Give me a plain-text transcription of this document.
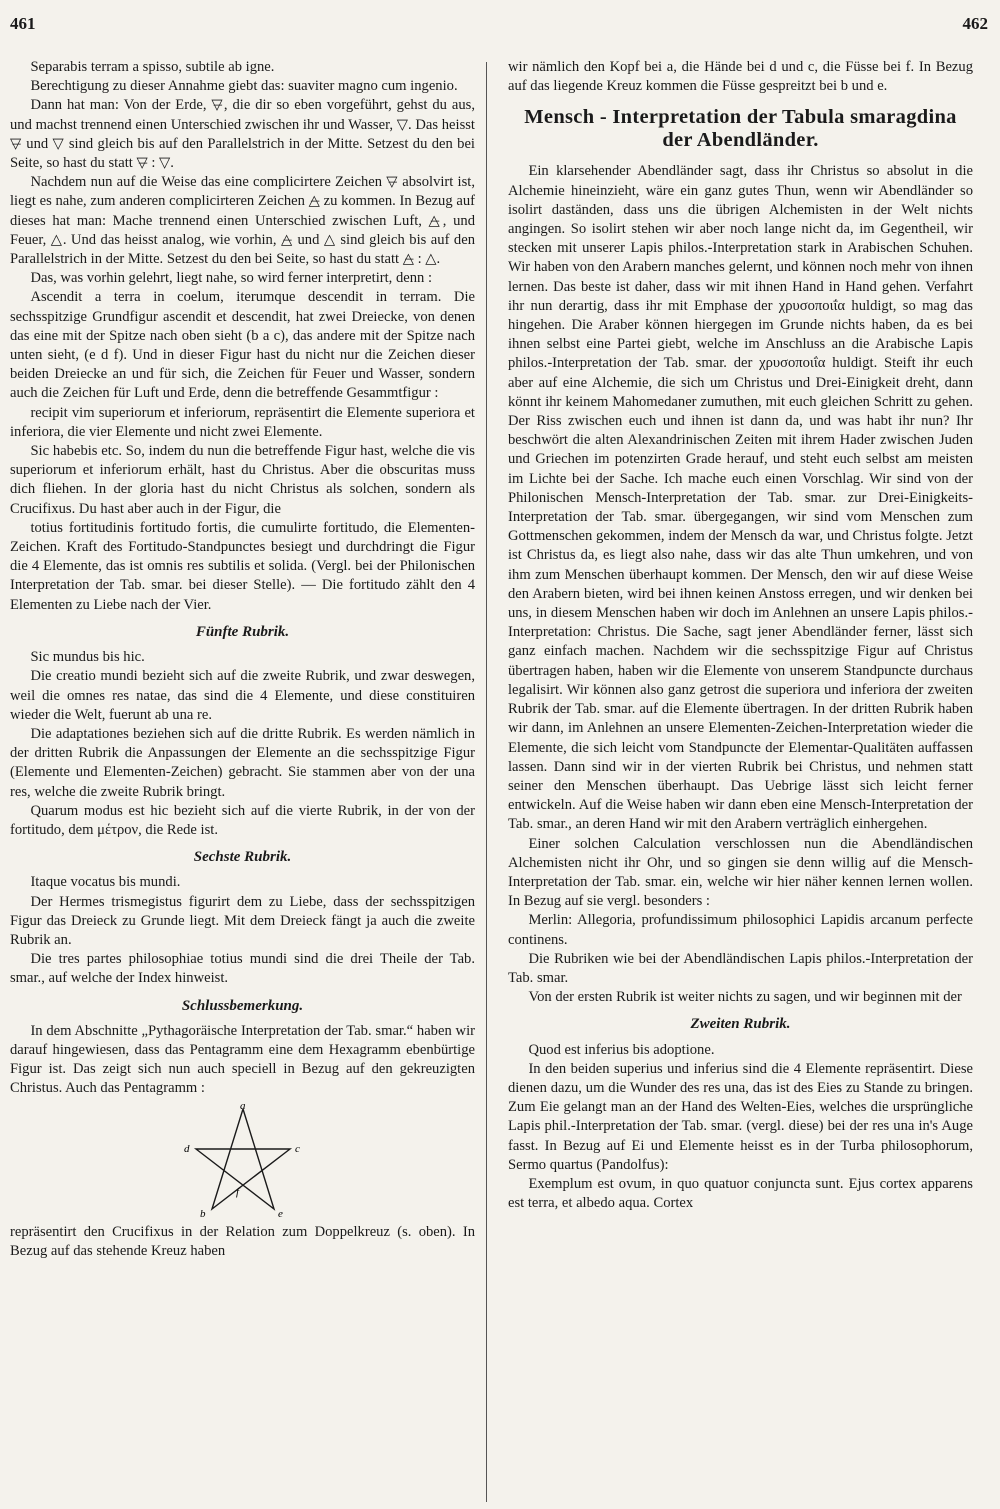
461	462

Separabis terram a spisso, subtile ab igne.

Berechtigung zu dieser Annahme giebt das: suaviter magno cum ingenio.

Dann hat man: Von der Erde, ▽̶, die dir so eben vorgeführt, gehst du aus, und machst trennend einen Unterschied zwischen ihr und Wasser, ▽. Das heisst ▽̶ und ▽ sind gleich bis auf den Parallelstrich in der Mitte. Setzest du den bei Seite, so hast du statt ▽̶ : ▽.

Nachdem nun auf die Weise das eine complicirtere Zeichen ▽̶ absolvirt ist, liegt es nahe, zum anderen complicirteren Zeichen △̶ zu kommen. In Bezug auf dieses hat man: Mache trennend einen Unterschied zwischen Luft, △̶, und Feuer, △. Und das heisst analog, wie vorhin, △̶ und △ sind gleich bis auf den Parallelstrich in der Mitte. Setzest du den bei Seite, so hast du statt △̶ : △.

Das, was vorhin gelehrt, liegt nahe, so wird ferner interpretirt, denn :

Ascendit a terra in coelum, iterumque descendit in terram. Die sechsspitzige Grundfigur ascendit et descendit, hat zwei Dreiecke, von denen das eine mit der Spitze nach oben sieht (b a c), das andere mit der Spitze nach unten sieht, (e d f). Und in dieser Figur hast du nicht nur die Zeichen dieser beiden Dreiecke an und für sich, die Zeichen für Feuer und Wasser, sondern auch die Zeichen für Luft und Erde, denn die betreffende Gesammtfigur :

recipit vim superiorum et inferiorum, repräsentirt die Elemente superiora et inferiora, die vier Elemente und nicht zwei Elemente.

Sic habebis etc. So, indem du nun die betreffende Figur hast, welche die vis superiorum et inferiorum erhält, hast du Christus. Aber die obscuritas muss dich fliehen. In der gloria hast du nicht Christus als solchen, sondern als Crucifixus. Du hast aber auch in der Figur, die

totius fortitudinis fortitudo fortis, die cumulirte fortitudo, die Elementen-Zeichen. Kraft des Fortitudo-Standpunctes besiegt und durchdringt die Figur die 4 Elemente, das ist omnis res subtilis et solida. (Vergl. bei der Philonischen Interpretation der Tab. smar. bei dieser Stelle). — Die fortitudo zählt den 4 Elementen zu Liebe nach der Vier.

Fünfte Rubrik.

Sic mundus bis hic.

Die creatio mundi bezieht sich auf die zweite Rubrik, und zwar deswegen, weil die omnes res natae, das sind die 4 Elemente, und diese constituiren wieder die Welt, fuerunt ab una re.

Die adaptationes beziehen sich auf die dritte Rubrik. Es werden nämlich in der dritten Rubrik die Anpassungen der Elemente an die sechsspitzige Figur (Elemente und Elementen-Zeichen) gebracht. Sie stammen aber von der una res, welche die zweite Rubrik bringt.

Quarum modus est hic bezieht sich auf die vierte Rubrik, in der von der fortitudo, dem μέτρον, die Rede ist.

Sechste Rubrik.

Itaque vocatus bis mundi.

Der Hermes trismegistus figurirt dem zu Liebe, dass der sechsspitzigen Figur das Dreieck zu Grunde liegt. Mit dem Dreieck fängt ja auch die zweite Rubrik an.

Die tres partes philosophiae totius mundi sind die drei Theile der Tab. smar., auf welche der Index hinweist.

Schlussbemerkung.

In dem Abschnitte „Pythagoräische Interpretation der Tab. smar.“ haben wir darauf hingewiesen, dass das Pentagramm eine dem Hexagramm ebenbürtige Figur ist. Das zeigt sich nun auch speciell in Bezug auf den gekreuzigten Christus. Auch das Pentagramm :

a
d	c
b	e
f

repräsentirt den Crucifixus in der Relation zum Doppelkreuz (s. oben). In Bezug auf das stehende Kreuz haben

wir nämlich den Kopf bei a, die Hände bei d und c, die Füsse bei f. In Bezug auf das liegende Kreuz kommen die Füsse gespreitzt bei b und e.

Mensch - Interpretation der Tabula smaragdina der Abendländer.

Ein klarsehender Abendländer sagt, dass ihr Christus so absolut in die Alchemie hineinzieht, wäre ein ganz gutes Thun, wenn wir Abendländer so isolirt daständen, dass uns die übrigen Alchemisten in der Welt nichts angingen. So isolirt stehen wir aber noch lange nicht da, im Gegentheil, wir stecken mit unserer Lapis philos.-Interpretation stark in Arabischen Schuhen. Wir haben von den Arabern manches gelernt, und können noch mehr von ihnen lernen. Das beste ist daher, dass wir mit ihnen Hand in Hand gehen. Verfahrt ihr nun derartig, dass ihr mit Emphase der χρυσοποιΐα huldigt, so mag das hingehen. Die Araber können hiergegen im Grunde nichts haben, da es bei ihnen selbst eine Partei giebt, welche im Anschluss an die Arabische Lapis philos.-Interpretation der Tab. smar. der χρυσοποιΐα huldigt. Steift ihr euch aber auf eine Alchemie, die sich um Christus und Drei-Einigkeit dreht, dann könnt ihr keinem Mahomedaner zumuthen, mit euch gleichen Schritt zu gehen. Der Riss zwischen euch und ihnen ist dann da, und was habt ihr nun? Ihr beschwört die alten Alexandrinischen Zeiten mit ihrem Hader zwischen Juden und Griechen im potenzirten Grade herauf, und steht euch selbst am meisten im Lichte bei der Sache. Ich mache euch einen Vorschlag. Wir sind von der Philonischen Mensch-Interpretation der Tab. smar. zur Drei-Einigkeits-Interpretation der Tab. smar. übergegangen, wir sind vom Menschen zum Gottmenschen gekommen, indem der Mensch da war, und Christus folgte. Jetzt ist Christus da, es liegt also nahe, dass wir das alte Thun umkehren, und von ihm zum Menschen überhaupt kommen. Der Mensch, den wir auf diese Weise den Arabern bieten, wird bei ihnen keinen Anstoss erregen, und wir denken bei uns, in diesem Menschen haben wir doch im Anlehnen an unsere Lapis philos.-Interpretation: Christus. Die Sache, sagt jener Abendländer ferner, lässt sich ganz einfach machen. Nachdem wir die sechsspitzige Figur auf Christus übertragen haben, haben wir die Elemente von unserem Standpuncte durchaus legalisirt. Wir können also ganz getrost die superiora und inferiora der zweiten Rubrik der Tab. smar. auf die Elemente übertragen. In der dritten Rubrik haben wir dann, im Anlehnen an unsere Elementen-Zeichen-Interpretation wieder die Elemente, die sich leicht vom Standpuncte der Elementar-Qualitäten auffassen lassen. Dann sind wir in der vierten Rubrik bei Christus, und nehmen statt seiner den Menschen überhaupt. Das Uebrige lässt sich leicht ferner entwickeln. Auf die Weise haben wir dann eben eine Mensch-Interpretation der Tab. smar., an deren Hand wir mit den Arabern verträglich einhergehen.

Einer solchen Calculation verschlossen nun die Abendländischen Alchemisten nicht ihr Ohr, und so gingen sie denn willig auf die Mensch-Interpretation der Tab. smar. ein, welche wir hier näher kennen lernen wollen. In Bezug auf sie vergl. besonders :

Merlin: Allegoria, profundissimum philosophici Lapidis arcanum perfecte continens.

Die Rubriken wie bei der Abendländischen Lapis philos.-Interpretation der Tab. smar.

Von der ersten Rubrik ist weiter nichts zu sagen, und wir beginnen mit der

Zweiten Rubrik.

Quod est inferius bis adoptione.

In den beiden superius und inferius sind die 4 Elemente repräsentirt. Diese dienen dazu, um die Wunder des res una, das ist des Eies zu Stande zu bringen. Zum Eie gelangt man an der Hand des Welten-Eies, welches die ursprüngliche Lapis phil.-Interpretation der Tab. smar. (vergl. diese) bei der res una in's Auge fasst. In Bezug auf Ei und Elemente heisst es in der Turba philosophorum, Sermo quartus (Pandolfus):

Exemplum est ovum, in quo quatuor conjuncta sunt. Ejus cortex apparens est terra, et albedo aqua. Cortex
